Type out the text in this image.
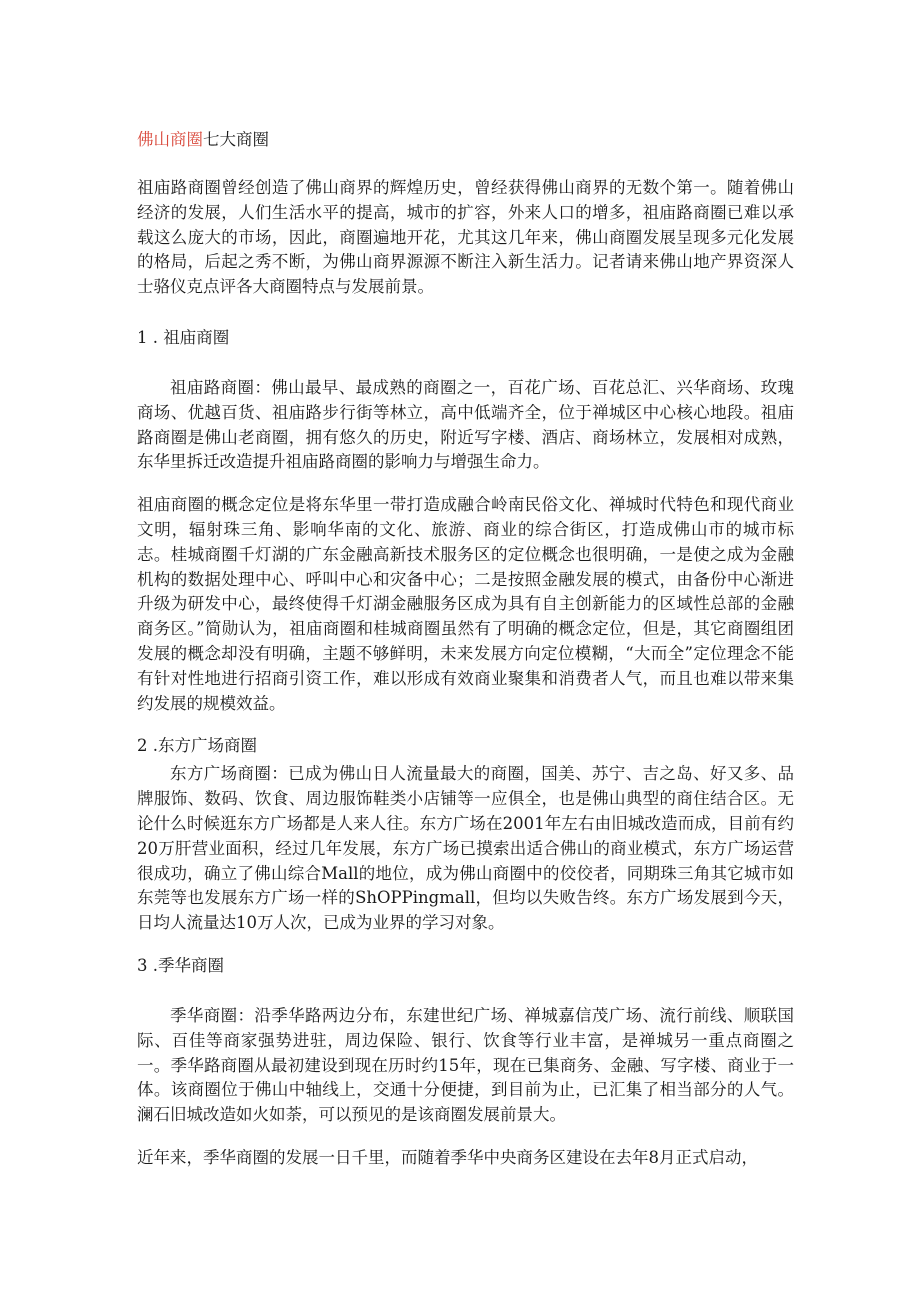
佛山商圈七大商圈

祖庙路商圈曾经创造了佛山商界的辉煌历史，曾经获得佛山商界的无数个第一。随着佛山经济的发展，人们生活水平的提高，城市的扩容，外来人口的增多，祖庙路商圈已难以承载这么庞大的市场，因此，商圈遍地开花，尤其这几年来，佛山商圈发展呈现多元化发展的格局，后起之秀不断，为佛山商界源源不断注入新生活力。记者请来佛山地产界资深人士骆仪克点评各大商圈特点与发展前景。

1 . 祖庙商圈

祖庙路商圈：佛山最早、最成熟的商圈之一，百花广场、百花总汇、兴华商场、玫瑰商场、优越百货、祖庙路步行街等林立，高中低端齐全，位于禅城区中心核心地段。祖庙路商圈是佛山老商圈，拥有悠久的历史，附近写字楼、酒店、商场林立，发展相对成熟，东华里拆迁改造提升祖庙路商圈的影响力与增强生命力。

祖庙商圈的概念定位是将东华里一带打造成融合岭南民俗文化、禅城时代特色和现代商业文明，辐射珠三角、影响华南的文化、旅游、商业的综合街区，打造成佛山市的城市标志。桂城商圈千灯湖的广东金融高新技术服务区的定位概念也很明确，一是使之成为金融机构的数据处理中心、呼叫中心和灾备中心；二是按照金融发展的模式，由备份中心渐进升级为研发中心，最终使得千灯湖金融服务区成为具有自主创新能力的区域性总部的金融商务区。”简勋认为，祖庙商圈和桂城商圈虽然有了明确的概念定位，但是，其它商圈组团发展的概念却没有明确，主题不够鲜明，未来发展方向定位模糊，“大而全”定位理念不能有针对性地进行招商引资工作，难以形成有效商业聚集和消费者人气，而且也难以带来集约发展的规模效益。

2 .东方广场商圈

东方广场商圈：已成为佛山日人流量最大的商圈，国美、苏宁、吉之岛、好又多、品牌服饰、数码、饮食、周边服饰鞋类小店铺等一应俱全，也是佛山典型的商住结合区。无论什么时候逛东方广场都是人来人往。东方广场在2001年左右由旧城改造而成，目前有约20万肝营业面积，经过几年发展，东方广场已摸索出适合佛山的商业模式，东方广场运营很成功，确立了佛山综合Mall的地位，成为佛山商圈中的佼佼者，同期珠三角其它城市如东莞等也发展东方广场一样的ShOPPingmall，但均以失败告终。东方广场发展到今天，日均人流量达10万人次，已成为业界的学习对象。

3 .季华商圈

季华商圈：沿季华路两边分布，东建世纪广场、禅城嘉信茂广场、流行前线、顺联国际、百佳等商家强势进驻，周边保险、银行、饮食等行业丰富，是禅城另一重点商圈之一。季华路商圈从最初建设到现在历时约15年，现在已集商务、金融、写字楼、商业于一体。该商圈位于佛山中轴线上，交通十分便捷，到目前为止，已汇集了相当部分的人气。澜石旧城改造如火如荼，可以预见的是该商圈发展前景大。

近年来，季华商圈的发展一日千里，而随着季华中央商务区建设在去年8月正式启动，
